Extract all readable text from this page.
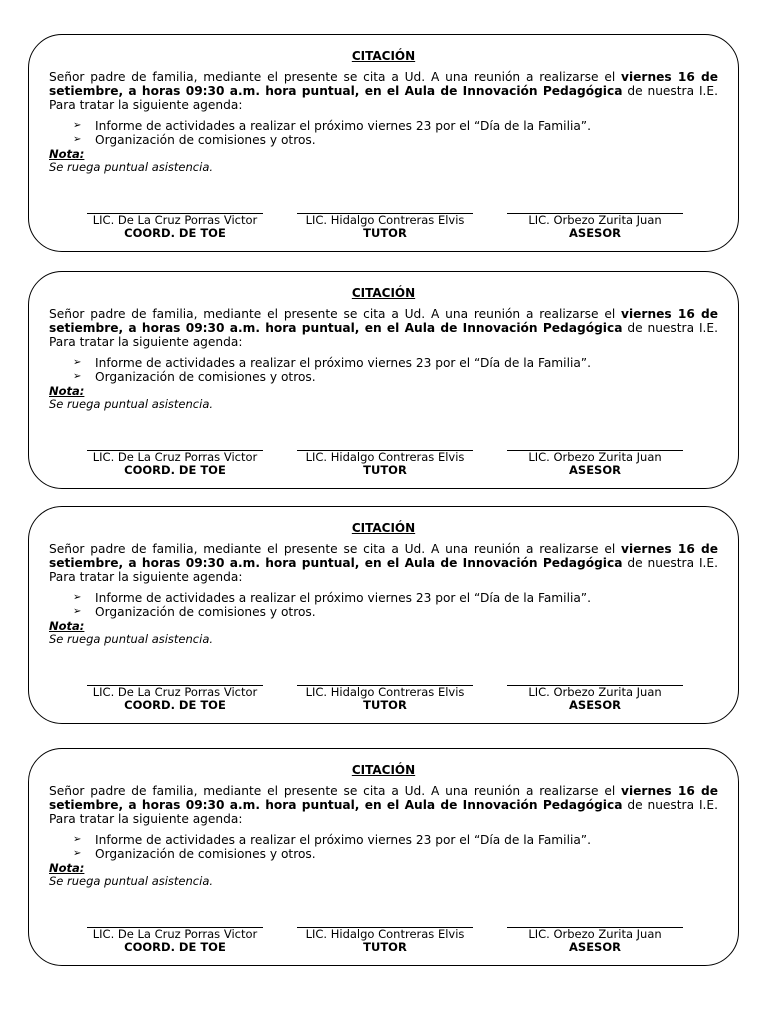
CITACIÓN
Señor padre de familia, mediante el presente se cita a Ud. A una reunión a realizarse el viernes 16 de setiembre, a horas 09:30 a.m. hora puntual, en el Aula de Innovación Pedagógica de nuestra I.E. Para tratar la siguiente agenda:
➢ Informe de actividades a realizar el próximo viernes 23 por el “Día de la Familia”.
➢ Organización de comisiones y otros.
Nota:
Se ruega puntual asistencia.
LIC. De La Cruz Porras Victor
COORD. DE TOE
LIC. Hidalgo Contreras Elvis
TUTOR
LIC. Orbezo Zurita Juan
ASESOR
CITACIÓN
Señor padre de familia, mediante el presente se cita a Ud. A una reunión a realizarse el viernes 16 de setiembre, a horas 09:30 a.m. hora puntual, en el Aula de Innovación Pedagógica de nuestra I.E. Para tratar la siguiente agenda:
➢ Informe de actividades a realizar el próximo viernes 23 por el “Día de la Familia”.
➢ Organización de comisiones y otros.
Nota:
Se ruega puntual asistencia.
LIC. De La Cruz Porras Victor
COORD. DE TOE
LIC. Hidalgo Contreras Elvis
TUTOR
LIC. Orbezo Zurita Juan
ASESOR
CITACIÓN
Señor padre de familia, mediante el presente se cita a Ud. A una reunión a realizarse el viernes 16 de setiembre, a horas 09:30 a.m. hora puntual, en el Aula de Innovación Pedagógica de nuestra I.E. Para tratar la siguiente agenda:
➢ Informe de actividades a realizar el próximo viernes 23 por el “Día de la Familia”.
➢ Organización de comisiones y otros.
Nota:
Se ruega puntual asistencia.
LIC. De La Cruz Porras Victor
COORD. DE TOE
LIC. Hidalgo Contreras Elvis
TUTOR
LIC. Orbezo Zurita Juan
ASESOR
CITACIÓN
Señor padre de familia, mediante el presente se cita a Ud. A una reunión a realizarse el viernes 16 de setiembre, a horas 09:30 a.m. hora puntual, en el Aula de Innovación Pedagógica de nuestra I.E. Para tratar la siguiente agenda:
➢ Informe de actividades a realizar el próximo viernes 23 por el “Día de la Familia”.
➢ Organización de comisiones y otros.
Nota:
Se ruega puntual asistencia.
LIC. De La Cruz Porras Victor
COORD. DE TOE
LIC. Hidalgo Contreras Elvis
TUTOR
LIC. Orbezo Zurita Juan
ASESOR
